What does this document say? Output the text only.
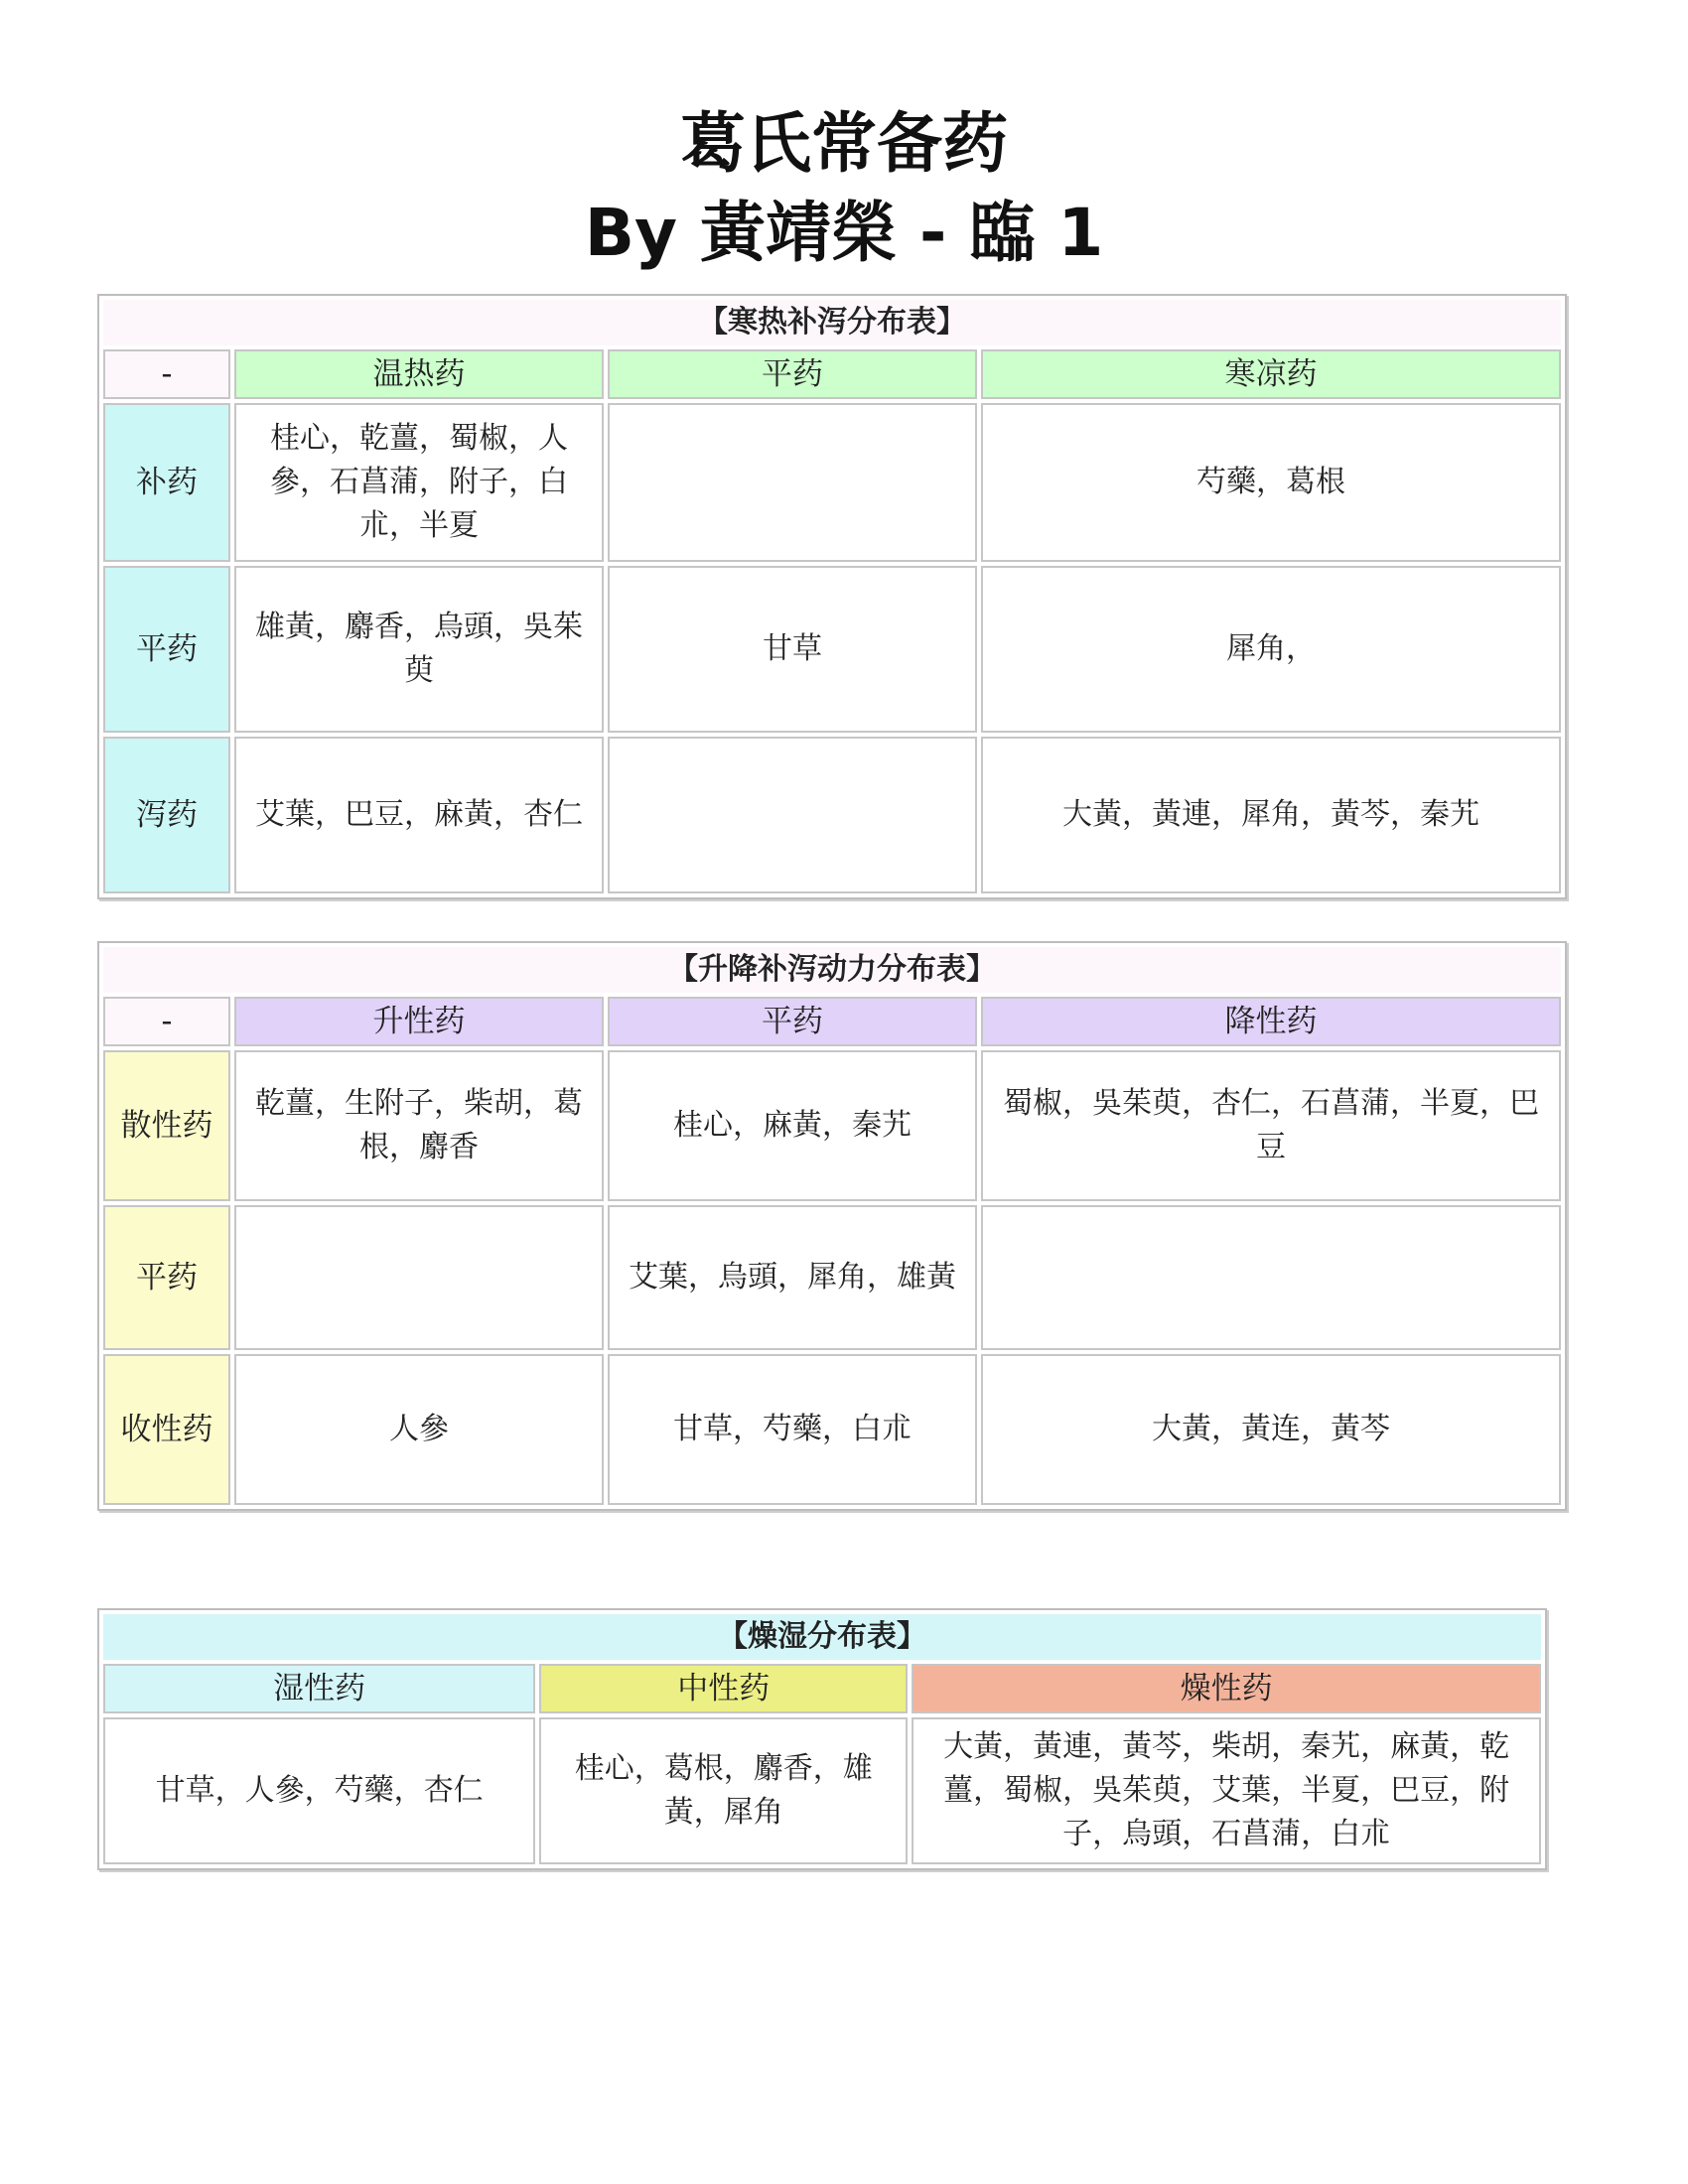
葛氏常备药
By 黃靖榮 - 臨 1
【寒热补泻分布表】			
-	温热药	平药	寒凉药
补药	桂心，乾薑，蜀椒，人參，石菖蒲，附子，白朮，半夏		芍藥，葛根
平药	雄黃，麝香，烏頭，吳茱萸	甘草	犀角，
泻药	艾葉，巴豆，麻黃，杏仁		大黃，黃連，犀角，黃芩，秦艽
【升降补泻动力分布表】			
-	升性药	平药	降性药
散性药	乾薑，生附子，柴胡，葛根，麝香	桂心，麻黃，秦艽	蜀椒，吳茱萸，杏仁，石菖蒲，半夏，巴豆
平药		艾葉，烏頭，犀角，雄黃	
收性药	人參	甘草，芍藥，白朮	大黃，黃连，黃芩
【燥湿分布表】		
湿性药	中性药	燥性药
甘草，人參，芍藥，杏仁	桂心，葛根，麝香，雄黃，犀角	大黃，黃連，黃芩，柴胡，秦艽，麻黃，乾薑，蜀椒，吳茱萸，艾葉，半夏，巴豆，附子，烏頭，石菖蒲，白朮
